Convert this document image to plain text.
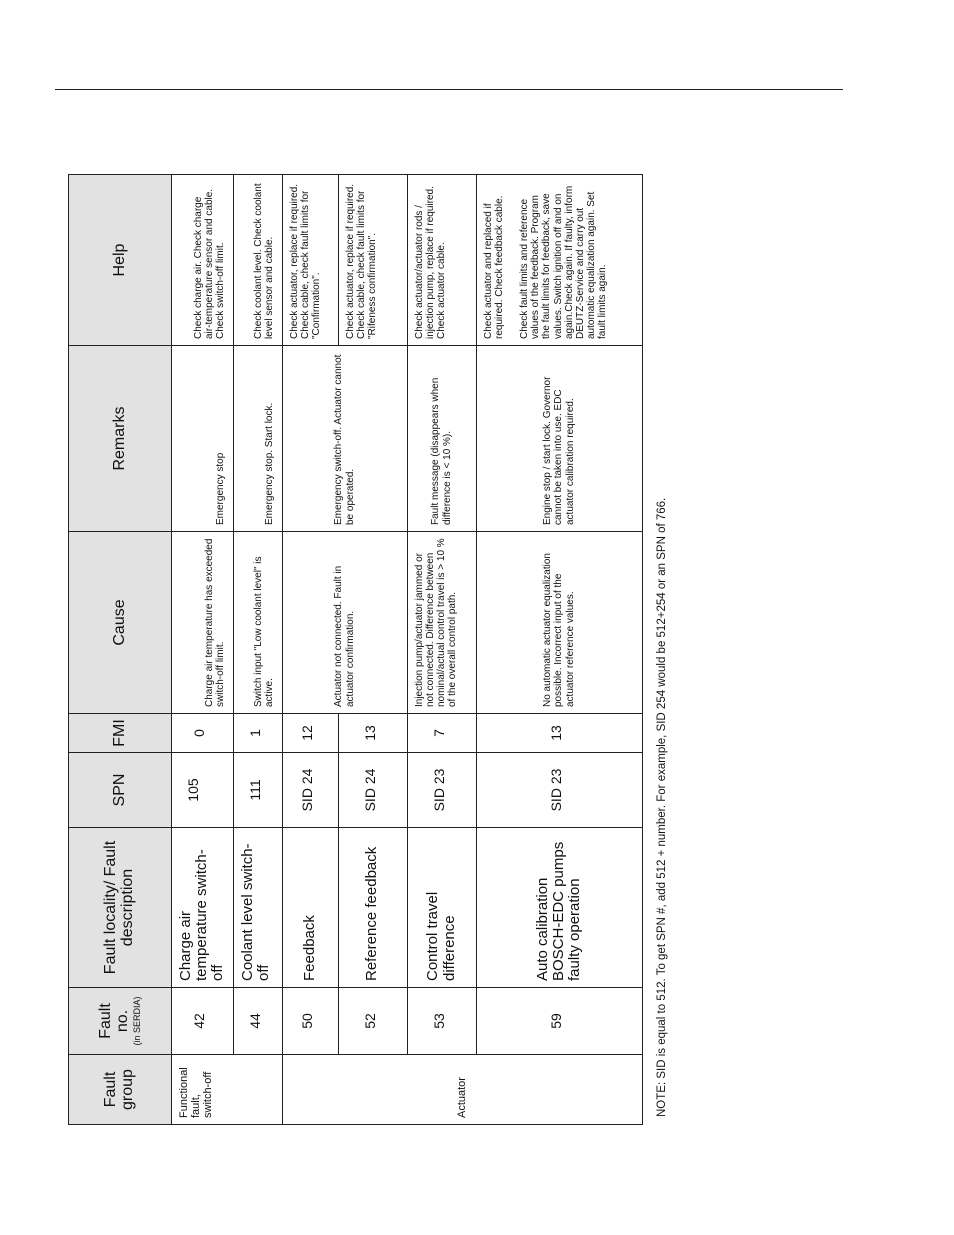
Fault group	Fault no. (in SERDIA)	Fault locality/ Fault description	SPN	FMI	Cause	Remarks	Help
Functional fault, switch-off	42	Charge air temperature switch-off	105	0	Charge air temperature has exceeded switch-off limit.	Emergency stop	Check charge air. Check charge air-temperature sensor and cable. Check switch-off limit.
	44	Coolant level switch-off	111	1	Switch input "Low coolant level" is active.	Emergency stop. Start lock.	Check coolant level. Check coolant level sensor and cable.
Actuator	50	Feedback	SID 24	12	Actuator not connected. Fault in actuator confirmation.	Emergency switch-off. Actuator cannot be operated.	Check actuator, replace if required. Check cable, check fault limits for "Confirmation".
	52	Reference feedback	SID 24	13			Check actuator, replace if required. Check cable, check fault limits for "Rifeness confirmation".
	53	Control travel difference	SID 23	7	Injection pump/actuator jammed or not connected. Difference between nominal/actual control travel is > 10 % of the overall control path.	Fault message (disappears when difference is < 10 %).	Check actuator/actuator rods / injection pump, replace if required. Check actuator cable.
	59	Auto calibration BOSCH-EDC pumps faulty operation	SID 23	13	No automatic actuator equalization possible. Incorrect input of the actuator reference values.	Engine stop / start lock. Governor cannot be taken into use. EDC actuator calibration required.	Check actuator and replaced if required. Check feedback cable. Check fault limits and reference values of the feedback. Program the fault limits for feedback, save values. Switch ignition off and on again.Check again. If faulty, inform DEUTZ-Service and carry out automatic equalization again. Set fault limits again.
NOTE: SID is equal to 512. To get SPN #, add 512 + number. For example, SID 254 would be 512+254 or an SPN of 766.
